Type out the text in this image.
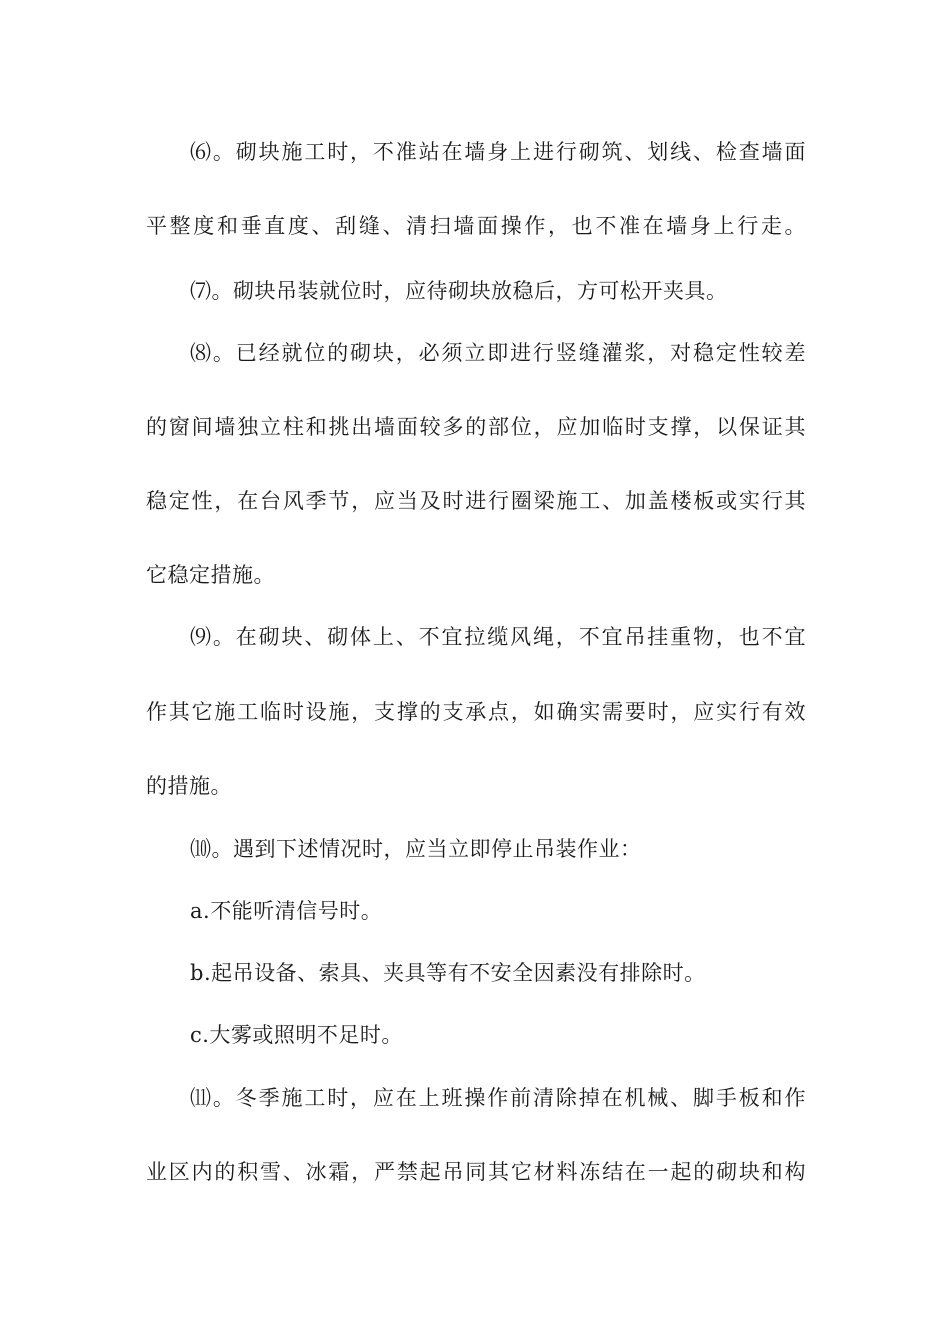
⑹。砌块施工时，不准站在墙身上进行砌筑、划线、检查墙面
平整度和垂直度、刮缝、清扫墙面操作，也不准在墙身上行走。
⑺。砌块吊装就位时，应待砌块放稳后，方可松开夹具。
⑻。已经就位的砌块，必须立即进行竖缝灌浆，对稳定性较差
的窗间墙独立柱和挑出墙面较多的部位，应加临时支撑，以保证其
稳定性，在台风季节，应当及时进行圈梁施工、加盖楼板或实行其
它稳定措施。
⑼。在砌块、砌体上、不宜拉缆风绳，不宜吊挂重物，也不宜
作其它施工临时设施，支撑的支承点，如确实需要时，应实行有效
的措施。
⑽。遇到下述情况时，应当立即停止吊装作业：
a.不能听清信号时。
b.起吊设备、索具、夹具等有不安全因素没有排除时。
c.大雾或照明不足时。
⑾。冬季施工时，应在上班操作前清除掉在机械、脚手板和作
业区内的积雪、冰霜，严禁起吊同其它材料冻结在一起的砌块和构
